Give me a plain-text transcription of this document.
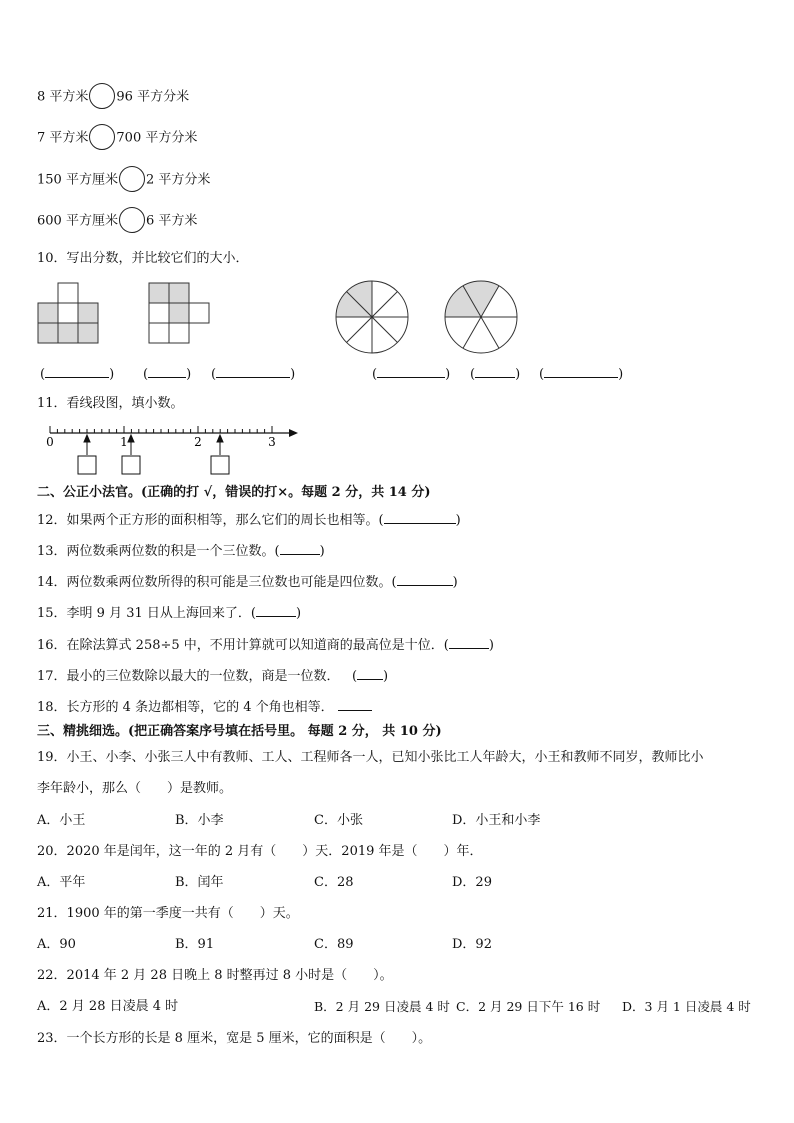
8 平方米 96 平方分米
7 平方米 700 平方分米
150 平方厘米 2 平方分米
600 平方厘米 6 平方米
10．写出分数，并比较它们的大小．
(	) (	) (	)	(	) (	) (	)
11．看线段图，填小数。
0	1	2	3
二、公正小法官。(正确的打 √，错误的打×。每题 2 分，共 14 分)
12．如果两个正方形的面积相等，那么它们的周长也相等。(	)
13．两位数乘两位数的积是一个三位数。(	)
14．两位数乘两位数所得的积可能是三位数也可能是四位数。(	)
15．李明 9 月 31 日从上海回来了．(	)
16．在除法算式 258÷5 中，不用计算就可以知道商的最高位是十位．(	)
17．最小的三位数除以最大的一位数，商是一位数．   ( )
18．长方形的 4 条边都相等，它的 4 个角也相等．
三、精挑细选。(把正确答案序号填在括号里。 每题 2 分， 共 10 分)
19．小王、小李、小张三人中有教师、工人、工程师各一人，已知小张比工人年龄大，小王和教师不同岁，教师比小
李年龄小，那么（　　）是教师。
A．小王	B．小李	C．小张	D．小王和小李
20．2020 年是闰年，这一年的 2 月有（　　）天．2019 年是（　　）年．
A．平年	B．闰年	C．28	D．29
21．1900 年的第一季度一共有（　　）天。
A．90	B．91	C．89	D．92
22．2014 年 2 月 28 日晚上 8 时整再过 8 小时是（　　）。
A．2 月 28 日凌晨 4 时	B．2 月 29 日凌晨 4 时 C．2 月 29 日下午 16 时 D．3 月 1 日凌晨 4 时
23．一个长方形的长是 8 厘米，宽是 5 厘米，它的面积是（　　）。
